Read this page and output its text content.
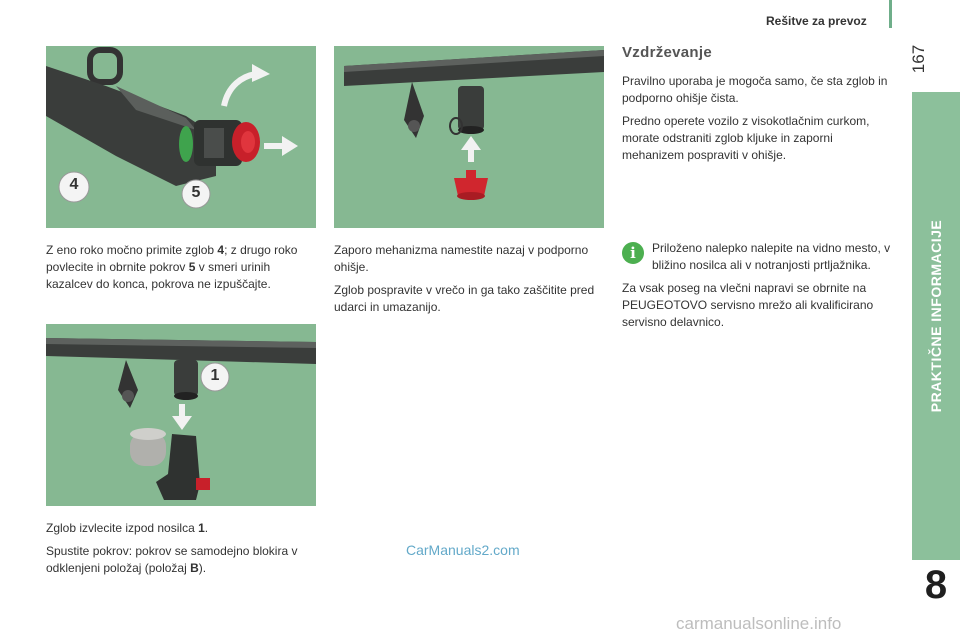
Rešitve za prevoz
167
PRAKTIČNE INFORMACIJE
8
4	5
1

Z eno roko močno primite zglob 4; z drugo roko povlecite in obrnite pokrov 5 v smeri urinih kazalcev do konca, pokrova ne izpuščajte.

Zaporo mehanizma namestite nazaj v podporno ohišje.

Zglob pospravite v vrečo in ga tako zaščitite pred udarci in umazanijo.

Zglob izvlecite izpod nosilca 1.

Spustite pokrov: pokrov se samodejno blokira v odklenjeni položaj (položaj B).

Vzdrževanje

Pravilno uporaba je mogoča samo, če sta zglob in podporno ohišje čista.

Predno operete vozilo z visokotlačnim curkom, morate odstraniti zglob kljuke in zaporni mehanizem pospraviti v ohišje.

i	Priloženo nalepko nalepite na vidno mesto, v bližino nosilca ali v notranjosti prtljažnika.

Za vsak poseg na vlečni napravi se obrnite na PEUGEOTOVO servisno mrežo ali kvalificirano servisno delavnico.

CarManuals2.com
carmanualsonline.info
